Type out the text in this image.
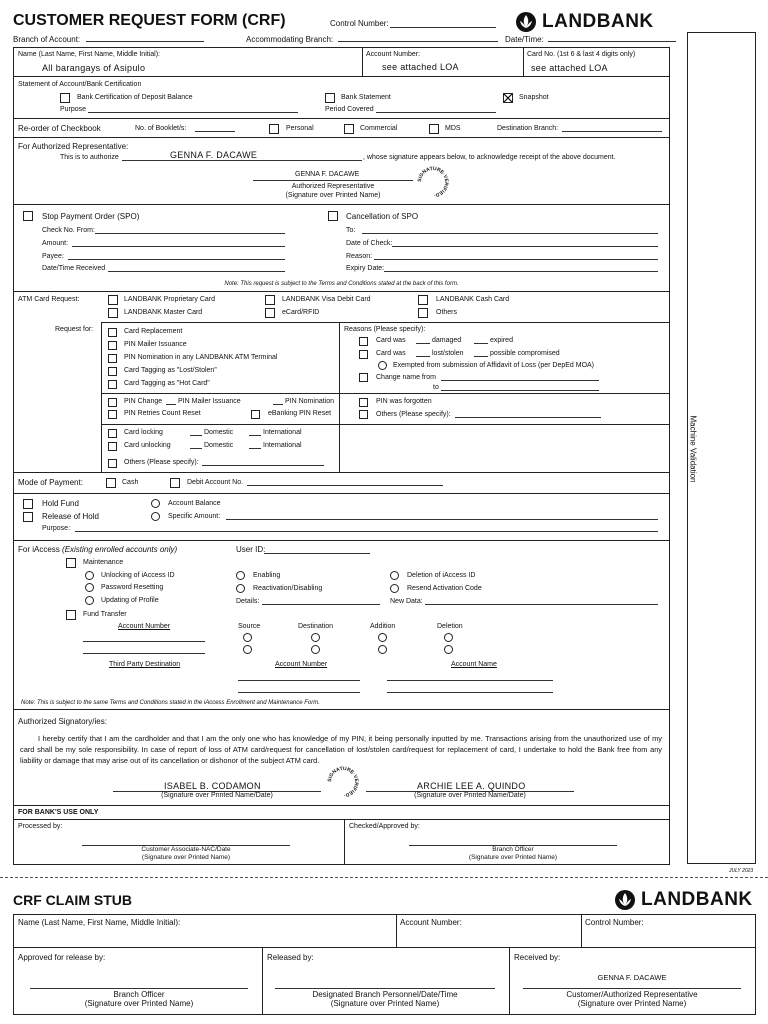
CUSTOMER REQUEST FORM (CRF)	Control Number:	LANDBANK
Branch of Account:	Accommodating Branch:	Date/Time:
Machine Validation
JULY 2023
Name (Last Name, First Name, Middle Initial):
All barangays of Asipulo
Account Number:
see attached LOA
Card No. (1st 6 & last 4 digits only)
see attached LOA
Statement of Account/Bank Certification
Bank Certification of Deposit Balance
Purpose
Bank Statement
Period Covered
Snapshot
Re-order of Checkbook	No. of Booklet/s:	Personal	Commercial	MDS	Destination Branch:
For Authorized Representative:
This is to authorize	GENNA F. DACAWE	, whose signature appears below, to acknowledge receipt of the above document.
GENNA F. DACAWE
Authorized Representative
(Signature over Printed Name)
SIGNATURE·VERIFIED·
Stop Payment Order (SPO)
Check No. From:
Amount:
Payee:
Date/Time Received
Cancellation of SPO
To:
Date of Check:
Reason:
Expiry Date:
Note: This request is subject to the Terms and Conditions stated at the back of this form.
ATM Card Request:	LANDBANK Proprietary Card
LANDBANK Master Card
LANDBANK Visa Debit Card
eCard/RFID
LANDBANK Cash Card
Others
Request for:	Reasons (Please specify):
Card Replacement
PIN Mailer Issuance
PIN Nomination in any LANDBANK ATM Terminal
Card Tagging as "Lost/Stolen"
Card Tagging as "Hot Card"
Card was	damaged	expired
Card was	lost/stolen	possible compromised
Exempted from submission of Affidavit of Loss (per DepEd MOA)
Change name from
to
PIN Change PIN Mailer Issuance	PIN Nomination
PIN Retries Count Reset	eBanking PIN Reset
PIN was forgotten
Others (Please specify):
Card locking	Domestic	International
Card unlocking	Domestic	International
Others (Please specify):
Mode of Payment:	Cash	Debit Account No.
Hold Fund
Release of Hold
Purpose:
Account Balance
Specific Amount:
For iAccess (Existing enrolled accounts only)	User ID:
Maintenance
Unlocking of iAccess ID
Password Resetting
Updating of Profile
Enabling
Reactivation/Disabling
Details:
Deletion of iAccess ID
Resend Activation Code
New Data:
Fund Transfer
Account Number	Source	Destination	Addition	Deletion
Third Party Destination	Account Number	Account Name
Note: This is subject to the same Terms and Conditions stated in the iAccess Enrollment and Maintenance Form.
Authorized Signatory/ies:
I hereby certify that I am the cardholder and that I am the only one who has knowledge of my PIN, it being personally inputted by me. Transactions arising from the unauthorized use of my card shall be my sole responsibility. In case of report of loss of ATM card/request for cancellation of lost/stolen card/request for replacement of card, I undertake to hold the Bank free from any liability or damage that may arise out of its cancellation or dishonor of the subject ATM card.
ISABEL B. CODAMON
(Signature over Printed Name/Date)
SIGNATURE·VERIFIED·
ARCHIE LEE A. QUINDO
(Signature over Printed Name/Date)
FOR BANK'S USE ONLY
Processed by:
Customer Associate-NAC/Date
(Signature over Printed Name)
Checked/Approved by:
Branch Officer
(Signature over Printed Name)
CRF CLAIM STUB	LANDBANK
Name (Last Name, First Name, Middle Initial):	Account Number:	Control Number:
Approved for release by:
Branch Officer
(Signature over Printed Name)
Released by:
Designated Branch Personnel/Date/Time
(Signature over Printed Name)
Received by:
GENNA F. DACAWE
Customer/Authorized Representative
(Signature over Printed Name)
